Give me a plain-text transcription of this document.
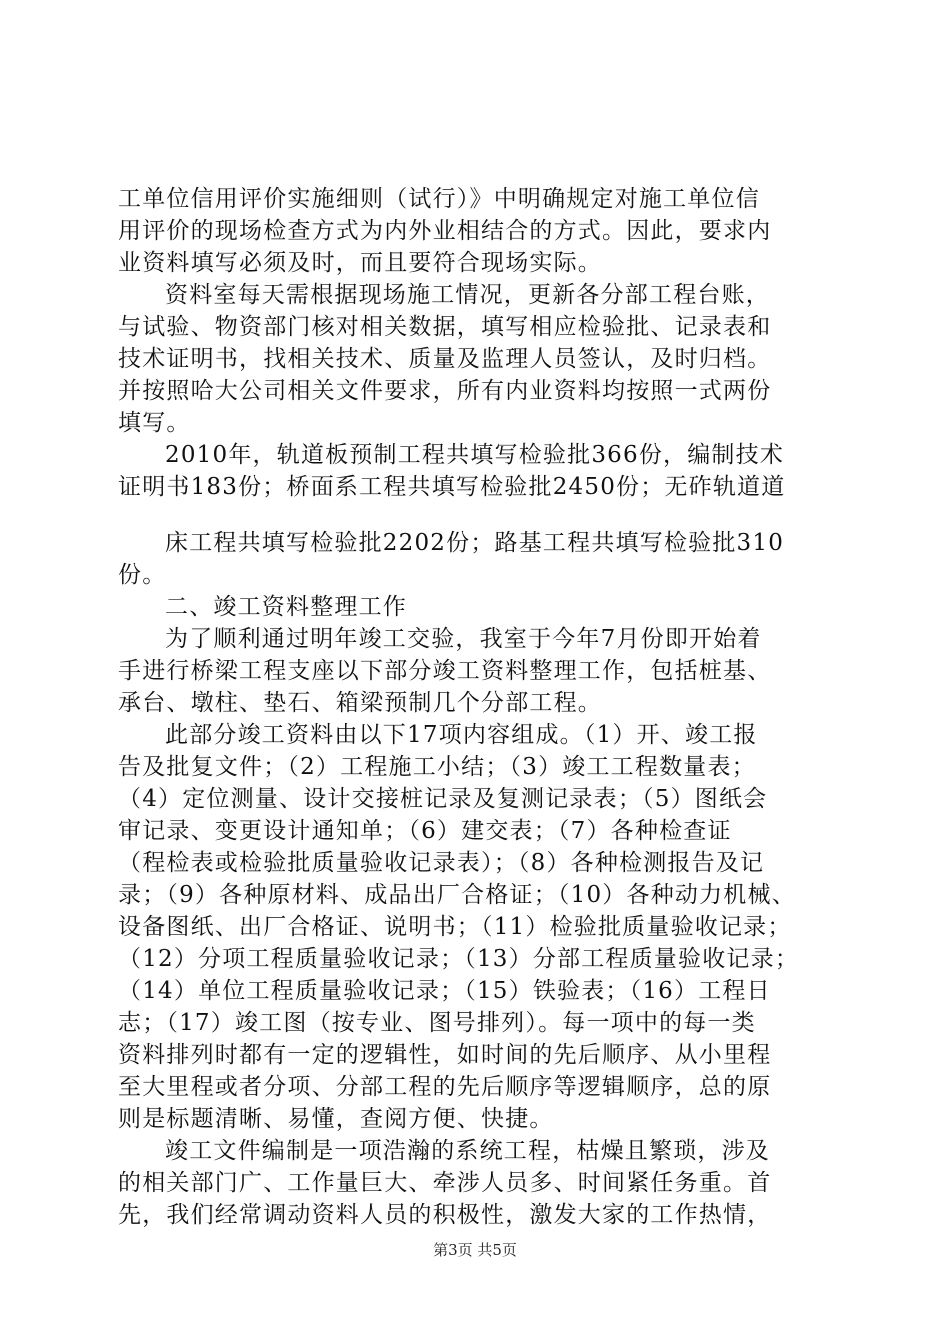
工单位信用评价实施细则（试行）》中明确规定对施工单位信
用评价的现场检查方式为内外业相结合的方式。因此，要求内
业资料填写必须及时，而且要符合现场实际。
资料室每天需根据现场施工情况，更新各分部工程台账，
与试验、物资部门核对相关数据，填写相应检验批、记录表和
技术证明书，找相关技术、质量及监理人员签认，及时归档。
并按照哈大公司相关文件要求，所有内业资料均按照一式两份
填写。
2010年，轨道板预制工程共填写检验批366份，编制技术
证明书183份；桥面系工程共填写检验批2450份；无砟轨道道
床工程共填写检验批2202份；路基工程共填写检验批310
份。
二、竣工资料整理工作
为了顺利通过明年竣工交验，我室于今年7月份即开始着
手进行桥梁工程支座以下部分竣工资料整理工作，包括桩基、
承台、墩柱、垫石、箱梁预制几个分部工程。
此部分竣工资料由以下17项内容组成。（1）开、竣工报
告及批复文件；（2）工程施工小结；（3）竣工工程数量表；
（4）定位测量、设计交接桩记录及复测记录表；（5）图纸会
审记录、变更设计通知单；（6）建交表；（7）各种检查证
（程检表或检验批质量验收记录表）；（8）各种检测报告及记
录；（9）各种原材料、成品出厂合格证；（10）各种动力机械、
设备图纸、出厂合格证、说明书；（11）检验批质量验收记录；
（12）分项工程质量验收记录；（13）分部工程质量验收记录；
（14）单位工程质量验收记录；（15）铁验表；（16）工程日
志；（17）竣工图（按专业、图号排列）。每一项中的每一类
资料排列时都有一定的逻辑性，如时间的先后顺序、从小里程
至大里程或者分项、分部工程的先后顺序等逻辑顺序，总的原
则是标题清晰、易懂，查阅方便、快捷。
竣工文件编制是一项浩瀚的系统工程，枯燥且繁琐，涉及
的相关部门广、工作量巨大、牵涉人员多、时间紧任务重。首
先，我们经常调动资料人员的积极性，激发大家的工作热情，
第3页 共5页
